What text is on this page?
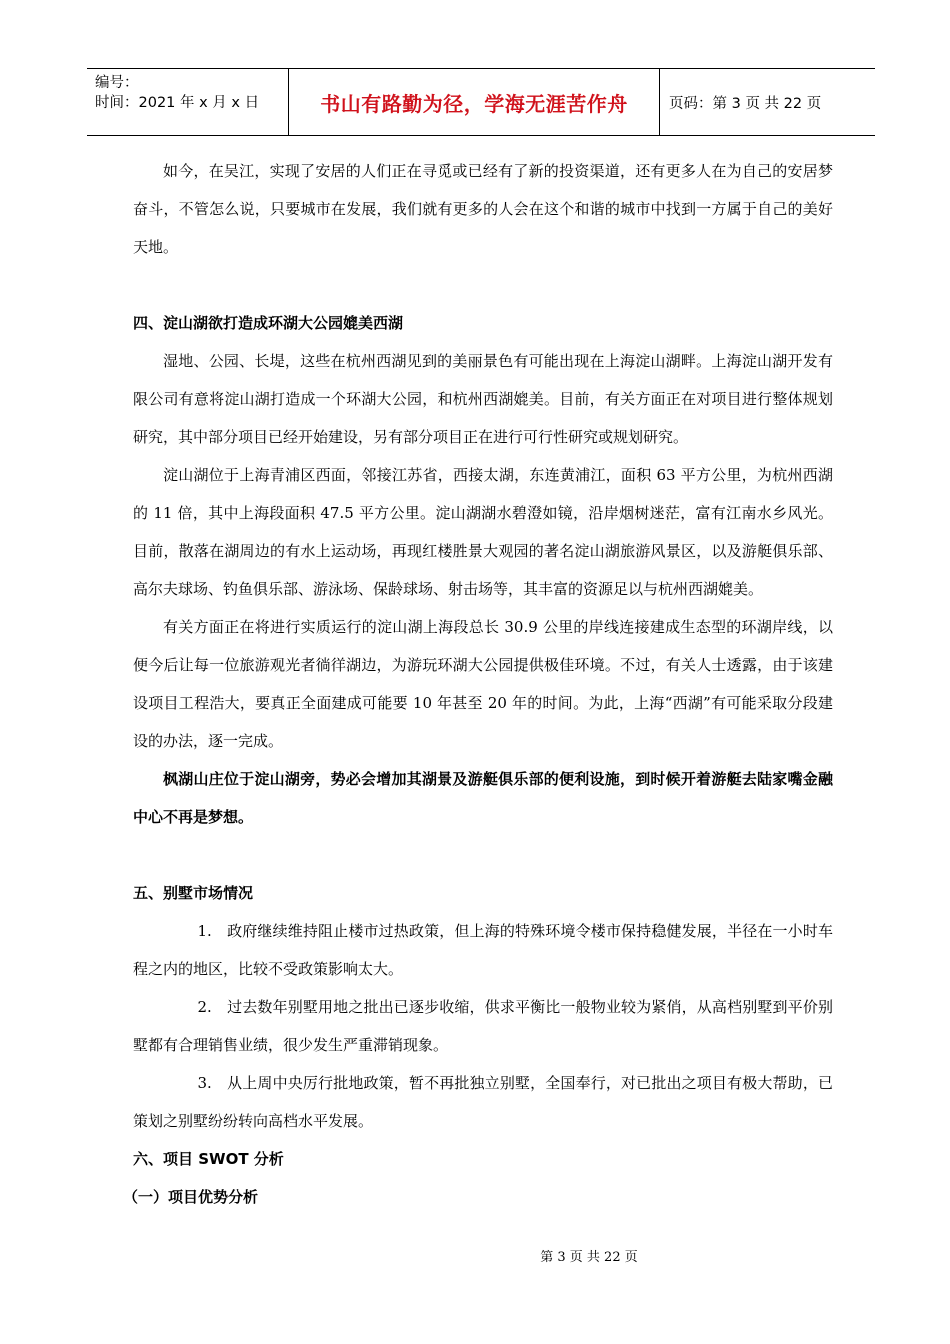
编号：
时间：2021 年 x 月 x 日	书山有路勤为径，学海无涯苦作舟	页码：第 3 页 共 22 页

如今，在吴江，实现了安居的人们正在寻觅或已经有了新的投资渠道，还有更多人在为自己的安居梦奋斗，不管怎么说，只要城市在发展，我们就有更多的人会在这个和谐的城市中找到一方属于自己的美好天地。

四、淀山湖欲打造成环湖大公园媲美西湖

湿地、公园、长堤，这些在杭州西湖见到的美丽景色有可能出现在上海淀山湖畔。上海淀山湖开发有限公司有意将淀山湖打造成一个环湖大公园，和杭州西湖媲美。目前，有关方面正在对项目进行整体规划研究，其中部分项目已经开始建设，另有部分项目正在进行可行性研究或规划研究。

淀山湖位于上海青浦区西面，邻接江苏省，西接太湖，东连黄浦江，面积 63 平方公里，为杭州西湖的 11 倍，其中上海段面积 47.5 平方公里。淀山湖湖水碧澄如镜，沿岸烟树迷茫，富有江南水乡风光。目前，散落在湖周边的有水上运动场，再现红楼胜景大观园的著名淀山湖旅游风景区，以及游艇俱乐部、高尔夫球场、钓鱼俱乐部、游泳场、保龄球场、射击场等，其丰富的资源足以与杭州西湖媲美。

有关方面正在将进行实质运行的淀山湖上海段总长 30.9 公里的岸线连接建成生态型的环湖岸线，以便今后让每一位旅游观光者徜徉湖边，为游玩环湖大公园提供极佳环境。不过，有关人士透露，由于该建设项目工程浩大，要真正全面建成可能要 10 年甚至 20 年的时间。为此，上海“西湖”有可能采取分段建设的办法，逐一完成。

枫湖山庄位于淀山湖旁，势必会增加其湖景及游艇俱乐部的便利设施，到时候开着游艇去陆家嘴金融中心不再是梦想。

五、别墅市场情况

1.　政府继续维持阻止楼市过热政策，但上海的特殊环境令楼市保持稳健发展，半径在一小时车程之内的地区，比较不受政策影响太大。

2.　过去数年别墅用地之批出已逐步收缩，供求平衡比一般物业较为紧俏，从高档别墅到平价别墅都有合理销售业绩，很少发生严重滞销现象。

3.　从上周中央厉行批地政策，暂不再批独立别墅，全国奉行，对已批出之项目有极大帮助，已策划之别墅纷纷转向高档水平发展。

六、项目 SWOT 分析

（一）项目优势分析

第 3 页 共 22 页
